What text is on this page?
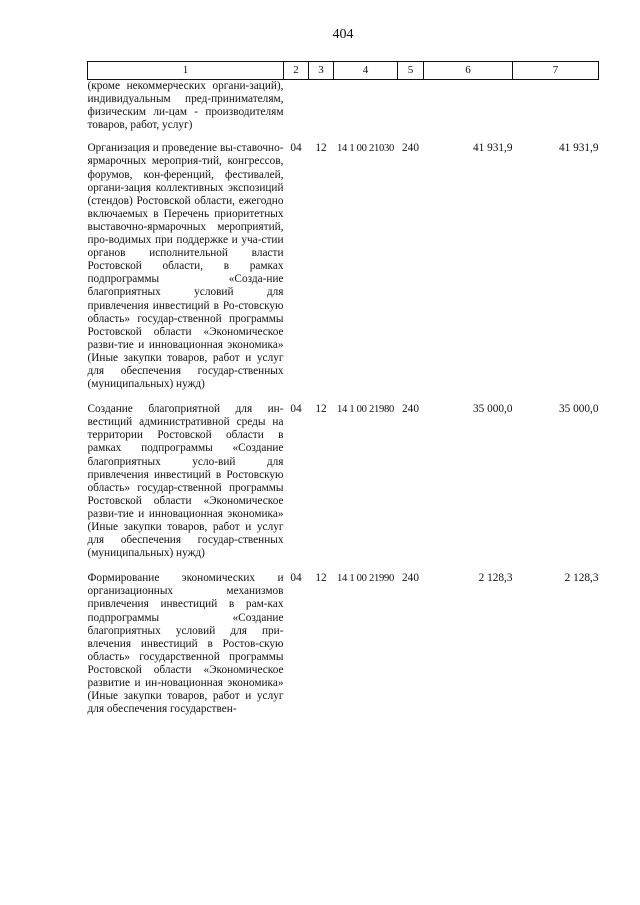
404
1	2	3	4	5	6	7
(кроме некоммерческих органи-заций), индивидуальным пред-принимателям, физическим ли-цам - производителям товаров, работ, услуг)						
Организация и проведение вы-ставочно-ярмарочных мероприя-тий, конгрессов, форумов, кон-ференций, фестивалей, органи-зация коллективных экспозиций (стендов) Ростовской области, ежегодно включаемых в Перечень приоритетных выставочно-ярмарочных мероприятий, про-водимых при поддержке и уча-стии органов исполнительной власти Ростовской области, в рамках подпрограммы «Созда-ние благоприятных условий для привлечения инвестиций в Ро-стовскую область» государ-ственной программы Ростовской области «Экономическое разви-тие и инновационная экономика» (Иные закупки товаров, работ и услуг для обеспечения государ-ственных (муниципальных) нужд)	04	12	14 1 00 21030	240	41 931,9	41 931,9
Создание благоприятной для ин-вестиций административной среды на территории Ростовской области в рамках подпрограммы «Создание благоприятных усло-вий для привлечения инвестиций в Ростовскую область» государ-ственной программы Ростовской области «Экономическое разви-тие и инновационная экономика» (Иные закупки товаров, работ и услуг для обеспечения государ-ственных (муниципальных) нужд)	04	12	14 1 00 21980	240	35 000,0	35 000,0
Формирование экономических и организационных механизмов привлечения инвестиций в рам-ках подпрограммы «Создание благоприятных условий для при-влечения инвестиций в Ростов-скую область» государственной программы Ростовской области «Экономическое развитие и ин-новационная экономика» (Иные закупки товаров, работ и услуг для обеспечения государствен-	04	12	14 1 00 21990	240	2 128,3	2 128,3
